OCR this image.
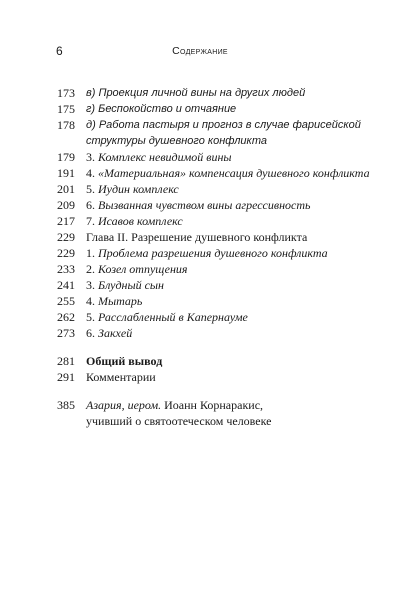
6	Содержание
173 в) Проекция личной вины на других людей
175 г) Беспокойство и отчаяние
178 д) Работа пастыря и прогноз в случае фарисейской
структуры душевного конфликта
179 3. Комплекс невидимой вины
191 4. «Материальная» компенсация душевного конфликта
201 5. Иудин комплекс
209 6. Вызванная чувством вины агрессивность
217 7. Исавов комплекс
229 Глава II. Разрешение душевного конфликта
229 1. Проблема разрешения душевного конфликта
233 2. Козел отпущения
241 3. Блудный сын
255 4. Мытарь
262 5. Расслабленный в Капернауме
273 6. Закхей
281 Общий вывод
291 Комментарии
385 Азария, иером. Иоанн Корнаракис,
учивший о святоотеческом человеке
